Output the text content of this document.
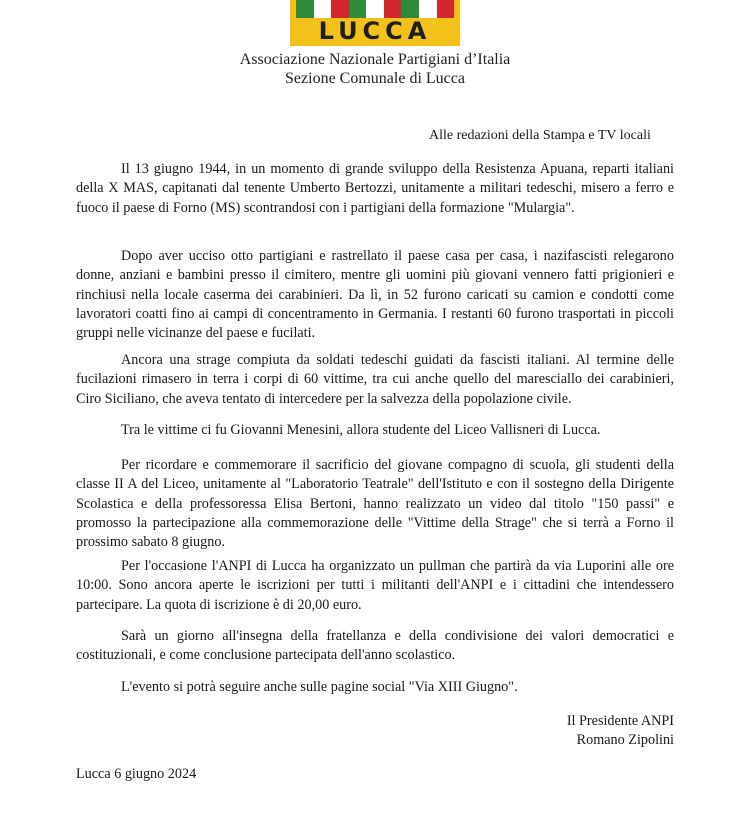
LUCCA
Associazione Nazionale Partigiani d’Italia
Sezione Comunale di Lucca
Alle redazioni della Stampa e TV locali

Il 13 giugno 1944, in un momento di grande sviluppo della Resistenza Apuana, reparti italiani della X MAS, capitanati dal tenente Umberto Bertozzi, unitamente a militari tedeschi, misero a ferro e fuoco il paese di Forno (MS) scontrandosi con i partigiani della formazione "Mulargia".

Dopo aver ucciso otto partigiani e rastrellato il paese casa per casa, i nazifascisti relegarono donne, anziani e bambini presso il cimitero, mentre gli uomini più giovani vennero fatti prigionieri e rinchiusi nella locale caserma dei carabinieri. Da lì, in 52 furono caricati su camion e condotti come lavoratori coatti fino ai campi di concentramento in Germania. I restanti 60 furono trasportati in piccoli gruppi nelle vicinanze del paese e fucilati.

Ancora una strage compiuta da soldati tedeschi guidati da fascisti italiani. Al termine delle fucilazioni rimasero in terra i corpi di 60 vittime, tra cui anche quello del maresciallo dei carabinieri, Ciro Siciliano, che aveva tentato di intercedere per la salvezza della popolazione civile.

Tra le vittime ci fu Giovanni Menesini, allora studente del Liceo Vallisneri di Lucca.

Per ricordare e commemorare il sacrificio del giovane compagno di scuola, gli studenti della classe II A del Liceo, unitamente al "Laboratorio Teatrale" dell'Istituto e con il sostegno della Dirigente Scolastica e della professoressa Elisa Bertoni, hanno realizzato un video dal titolo "150 passi" e promosso la partecipazione alla commemorazione delle "Vittime della Strage" che si terrà a Forno il prossimo sabato 8 giugno.

Per l'occasione l'ANPI di Lucca ha organizzato un pullman che partirà da via Luporini alle ore 10:00. Sono ancora aperte le iscrizioni per tutti i militanti dell'ANPI e i cittadini che intendessero partecipare. La quota di iscrizione è di 20,00 euro.

Sarà un giorno all'insegna della fratellanza e della condivisione dei valori democratici e costituzionali, e come conclusione partecipata dell'anno scolastico.

L'evento si potrà seguire anche sulle pagine social "Via XIII Giugno".

Il Presidente ANPI
Romano Zipolini
Lucca 6 giugno 2024
